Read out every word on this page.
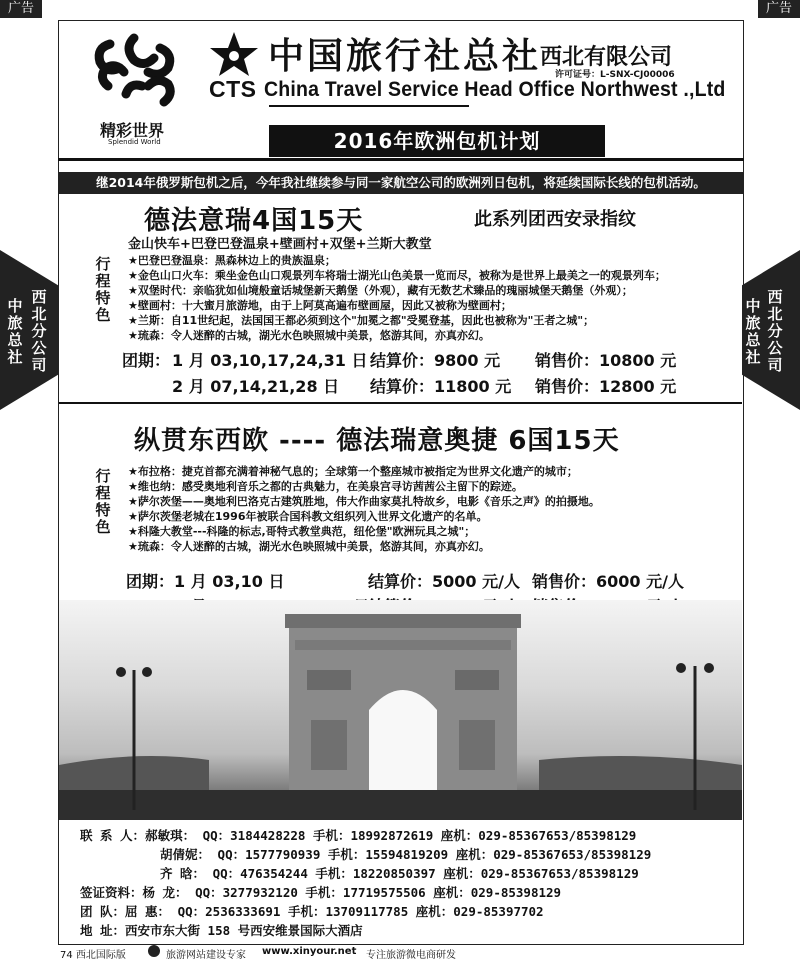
广告	广告
精彩世界
Splendid World
中国旅行社总社
西北有限公司
许可证号：L-SNX-CJ00006
CTS China Travel Service Head Office Northwest .,Ltd
2016年欧洲包机计划
继2014年俄罗斯包机之后，今年我社继续参与同一家航空公司的欧洲列日包机，将延续国际长线的包机活动。
中旅总社
西北分公司
中旅总社
西北分公司
德法意瑞4国15天	此系列团西安录指纹
金山快车+巴登巴登温泉+壁画村+双堡+兰斯大教堂
行程特色
★巴登巴登温泉：黑森林边上的贵族温泉；
★金色山口火车：乘坐金色山口观景列车将瑞士湖光山色美景一览而尽，被称为是世界上最美之一的观景列车；
★双堡时代：亲临犹如仙境般童话城堡新天鹅堡（外观），藏有无数艺术臻品的瑰丽城堡天鹅堡（外观）；
★壁画村：十大蜜月旅游地，由于上阿莫高遍布壁画屋，因此又被称为壁画村；
★兰斯：自11世纪起，法国国王都必须到这个"加冕之都"受冕登基，因此也被称为"王者之城"；
★琉森：令人迷醉的古城，湖光水色映照城中美景，悠游其间，亦真亦幻。
团期： 1 月 03,10,17,24,31 日 结算价：9800 元 销售价：10800 元
2 月 07,14,21,28 日 结算价：11800 元 销售价：12800 元
纵贯东西欧 ---- 德法瑞意奥捷 6国15天
行程特色
★布拉格：捷克首都充满着神秘气息的；全球第一个整座城市被指定为世界文化遗产的城市；
★维也纳：感受奥地利音乐之都的古典魅力，在美泉宫寻访茜茜公主留下的踪迹。
★萨尔茨堡——奥地利巴洛克古建筑胜地，伟大作曲家莫扎特故乡，电影《音乐之声》的拍摄地。
★萨尔茨堡老城在1996年被联合国科教文组织列入世界文化遗产的名单。
★科隆大教堂---科隆的标志,哥特式教堂典范，纽伦堡"欧洲玩具之城"；
★琉森：令人迷醉的古城，湖光水色映照城中美景，悠游其间，亦真亦幻。
团期： 1 月 03,10 日	结算价：5000 元/人 销售价：6000 元/人
联 系 人：郝敏琪： QQ：3184428228 手机：18992872619 座机：029-85367653/85398129
胡倩妮： QQ：1577790939 手机：15594819209 座机：029-85367653/85398129
齐 晗： QQ：476354244 手机：18220850397 座机：029-85367653/85398129
签证资料：杨 龙： QQ：3277932120 手机：17719575506 座机：029-85398129
团 队：屈 惠： QQ：2536333691 手机：13709117785 座机：029-85397702
地 址：西安市东大街 158 号西安维景国际大酒店
74 西北国际版	旅游网站建设专家 www.xinyour.net 专注旅游微电商研发
